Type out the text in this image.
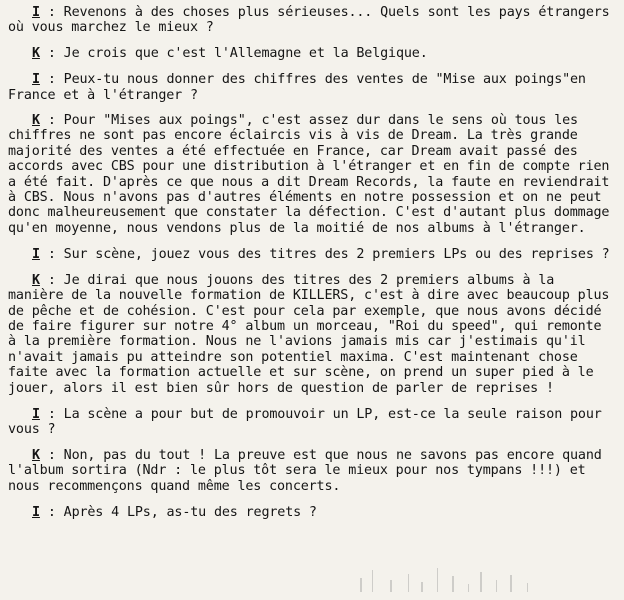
I : Revenons à des choses plus sérieuses... Quels sont les pays étrangers où vous marchez le mieux ?

K : Je crois que c'est l'Allemagne et la Belgique.

I : Peux-tu nous donner des chiffres des ventes de "Mise aux poings"en France et à l'étranger ?

K : Pour "Mises aux poings", c'est assez dur dans le sens où tous les chiffres ne sont pas encore éclaircis vis à vis de Dream. La très grande majorité des ventes a été effectuée en France, car Dream avait passé des accords avec CBS pour une distribution à l'étranger et en fin de compte rien a été fait. D'après ce que nous a dit Dream Records, la faute en reviendrait à CBS. Nous n'avons pas d'autres éléments en notre possession et on ne peut donc malheureusement que constater la défection. C'est d'autant plus dommage qu'en moyenne, nous vendons plus de la moitié de nos albums à l'étranger.

I : Sur scène, jouez vous des titres des 2 premiers LPs ou des reprises ?

K : Je dirai que nous jouons des titres des 2 premiers albums à la manière de la nouvelle formation de KILLERS, c'est à dire avec beaucoup plus de pêche et de cohésion. C'est pour cela par exemple, que nous avons décidé de faire figurer sur notre 4° album un morceau, "Roi du speed", qui remonte à la première formation. Nous ne l'avions jamais mis car j'estimais qu'il n'avait jamais pu atteindre son potentiel maxima. C'est maintenant chose faite avec la formation actuelle et sur scène, on prend un super pied à le jouer, alors il est bien sûr hors de question de parler de reprises !

I : La scène a pour but de promouvoir un LP, est-ce la seule raison pour vous ?

K : Non, pas du tout ! La preuve est que nous ne savons pas encore quand l'album sortira (Ndr : le plus tôt sera le mieux pour nos tympans !!!) et nous recommençons quand même les concerts.

I : Après 4 LPs, as-tu des regrets ?
